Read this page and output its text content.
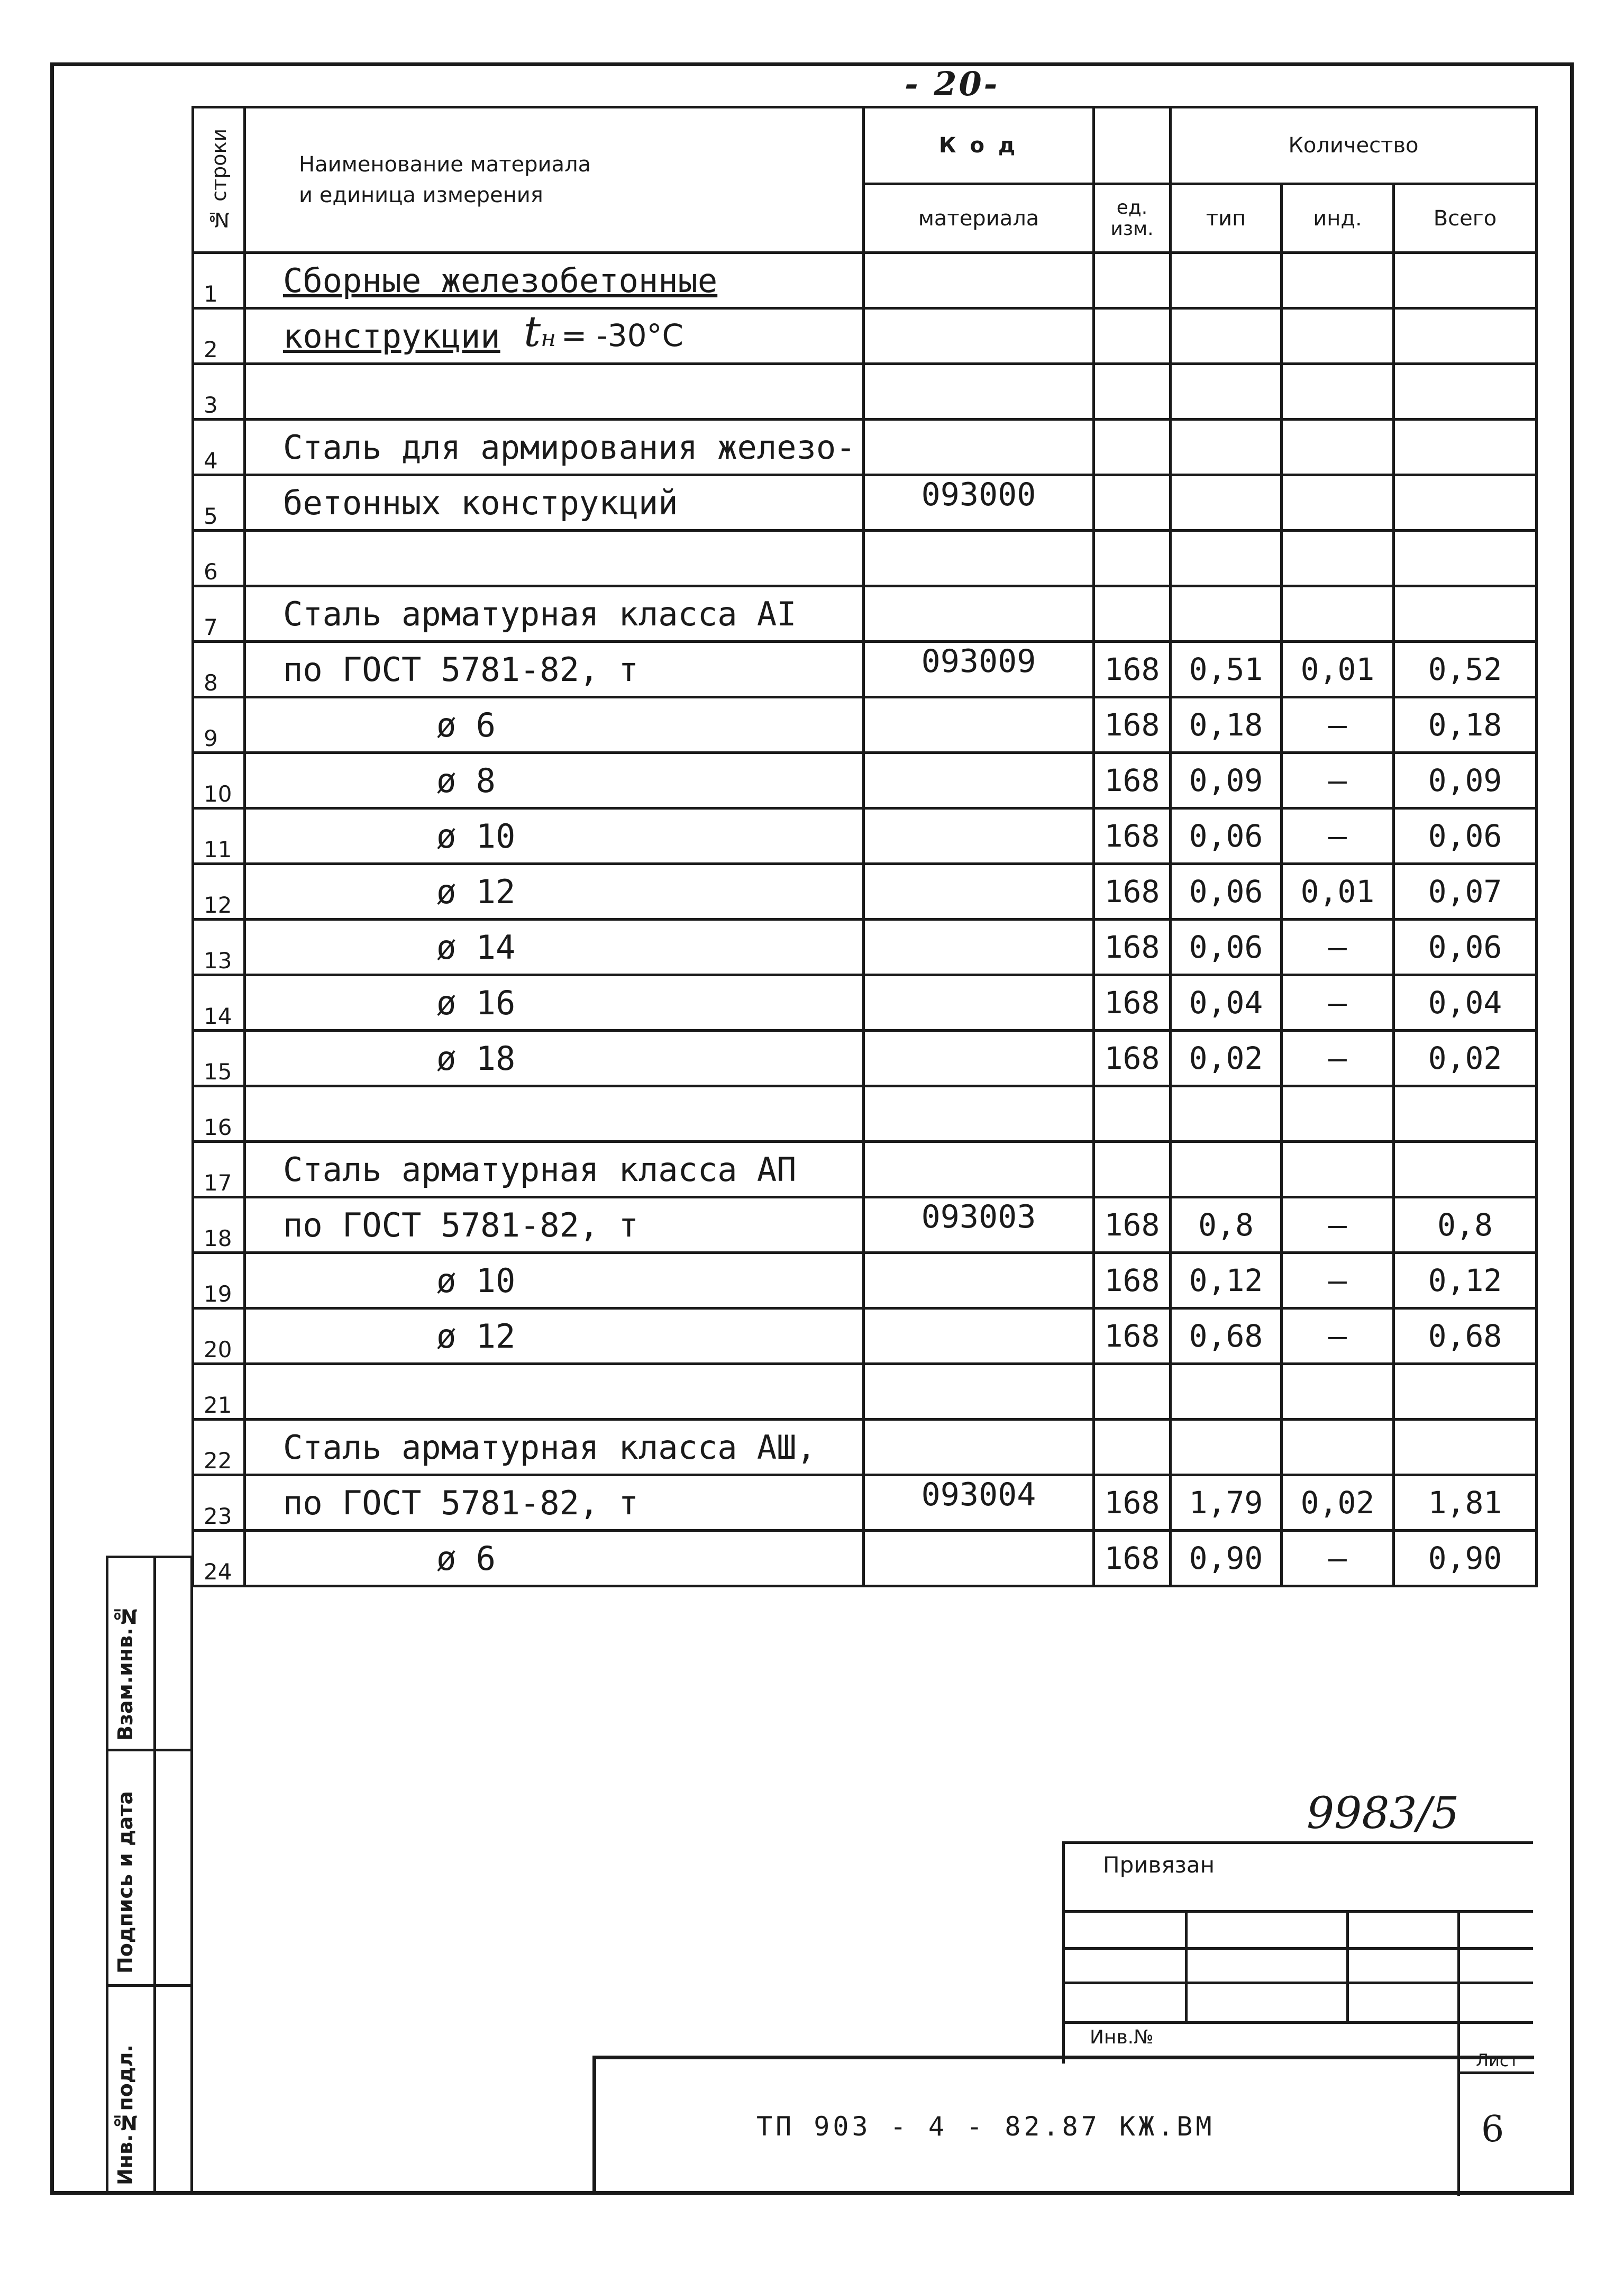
- 20-
№ строки	Наименование материала
и единица измерения	К о д		Количество		
		материала	ед. изм.	тип	инд.	Всего
1	Сборные железобетонные					
2	конструкции					
3						
4	Сталь для армирования железо-					
5	бетонных конструкций	093000				
6						
7	Сталь арматурная класса АI					
8	по ГОСТ 5781-82, т	093009	168	0,51	0,01	0,52
9	ø 6		168	0,18	–	0,18
10	ø 8		168	0,09	–	0,09
11	ø 10		168	0,06	–	0,06
12	ø 12		168	0,06	0,01	0,07
13	ø 14		168	0,06	–	0,06
14	ø 16		168	0,04	–	0,04
15	ø 18		168	0,02	–	0,02
16						
17	Сталь арматурная класса АП					
18	по ГОСТ 5781-82, т	093003	168	0,8	–	0,8
19	ø 10		168	0,12	–	0,12
20	ø 12		168	0,68	–	0,68
21						
22	Сталь арматурная класса АШ,					
23	по ГОСТ 5781-82, т	093004	168	1,79	0,02	1,81
24	ø 6		168	0,90	–	0,90
tн = -30°C
Взам.инв.№
Подпись и дата
Инв.№подл.
9983/5
Привязан
Инв.№
ТП 903 - 4 - 82.87 КЖ.ВМ
Лист
6
